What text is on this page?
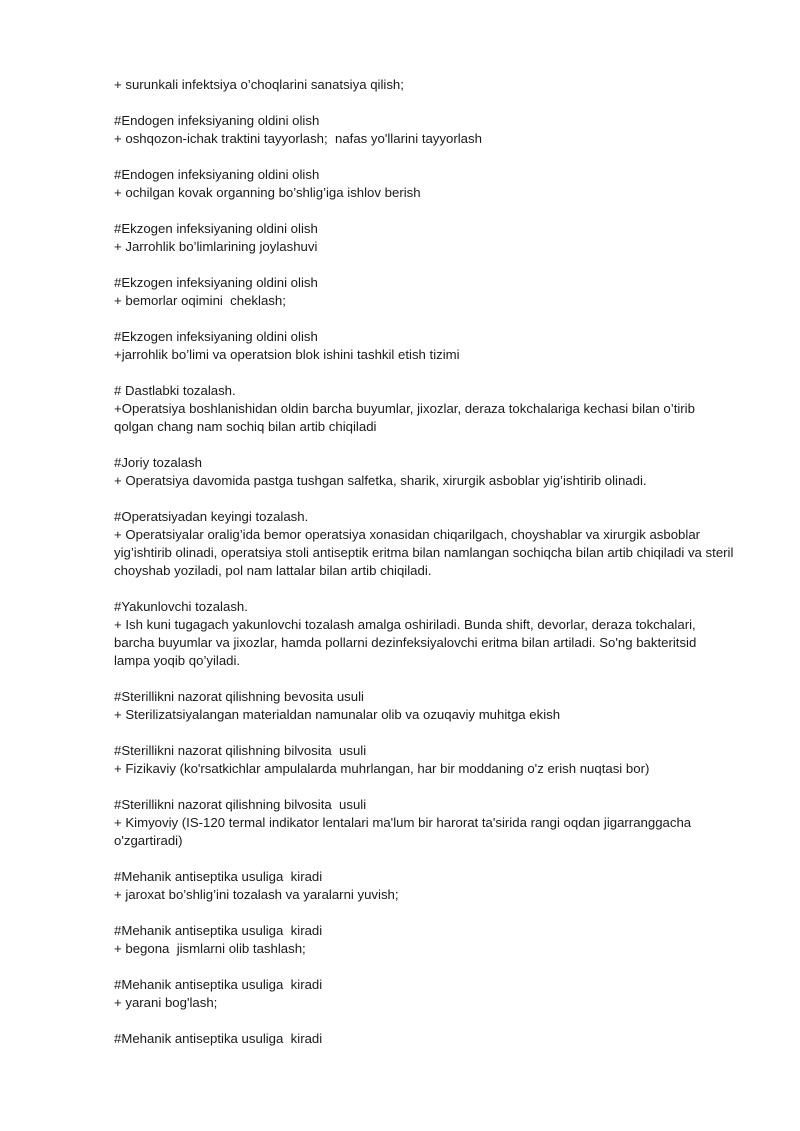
+ surunkali infektsiya o’choqlarini sanatsiya qilish;
#Endogen infeksiyaning oldini olish
+ oshqozon-ichak traktini tayyorlash;  nafas yo'llarini tayyorlash
#Endogen infeksiyaning oldini olish
+ ochilgan kovak organning bo’shlig’iga ishlov berish
#Ekzogen infeksiyaning oldini olish
+ Jarrohlik bo’limlarining joylashuvi
#Ekzogen infeksiyaning oldini olish
+ bemorlar oqimini  cheklash;
#Ekzogen infeksiyaning oldini olish
+jarrohlik bo’limi va operatsion blok ishini tashkil etish tizimi
# Dastlabki tozalash.
+Operatsiya boshlanishidan oldin barcha buyumlar, jixozlar, deraza tokchalariga kechasi bilan o’tirib qolgan chang nam sochiq bilan artib chiqiladi
#Joriy tozalash
+ Operatsiya davomida pastga tushgan salfetka, sharik, xirurgik asboblar yig’ishtirib olinadi.
#Operatsiyadan keyingi tozalash.
+ Operatsiyalar oralig’ida bemor operatsiya xonasidan chiqarilgach, choyshablar va xirurgik asboblar yig’ishtirib olinadi, operatsiya stoli antiseptik eritma bilan namlangan sochiqcha bilan artib chiqiladi va steril choyshab yoziladi, pol nam lattalar bilan artib chiqiladi.
#Yakunlovchi tozalash.
+ Ish kuni tugagach yakunlovchi tozalash amalga oshiriladi. Bunda shift, devorlar, deraza tokchalari, barcha buyumlar va jixozlar, hamda pollarni dezinfeksiyalovchi eritma bilan artiladi. So'ng bakteritsid lampa yoqib qo’yiladi.
#Sterillikni nazorat qilishning bevosita usuli
+ Sterilizatsiyalangan materialdan namunalar olib va ozuqaviy muhitga ekish
#Sterillikni nazorat qilishning bilvosita  usuli
+ Fizikaviy (ko'rsatkichlar ampulalarda muhrlangan, har bir moddaning o'z erish nuqtasi bor)
#Sterillikni nazorat qilishning bilvosita  usuli
+ Kimyoviy (IS-120 termal indikator lentalari ma'lum bir harorat ta'sirida rangi oqdan jigarranggacha o'zgartiradi)
#Mehanik antiseptika usuliga  kiradi
+ jaroxat bo’shlig’ini tozalash va yaralarni yuvish;
#Mehanik antiseptika usuliga  kiradi
+ begona  jismlarni olib tashlash;
#Mehanik antiseptika usuliga  kiradi
+ yarani bog'lash;
#Mehanik antiseptika usuliga  kiradi
